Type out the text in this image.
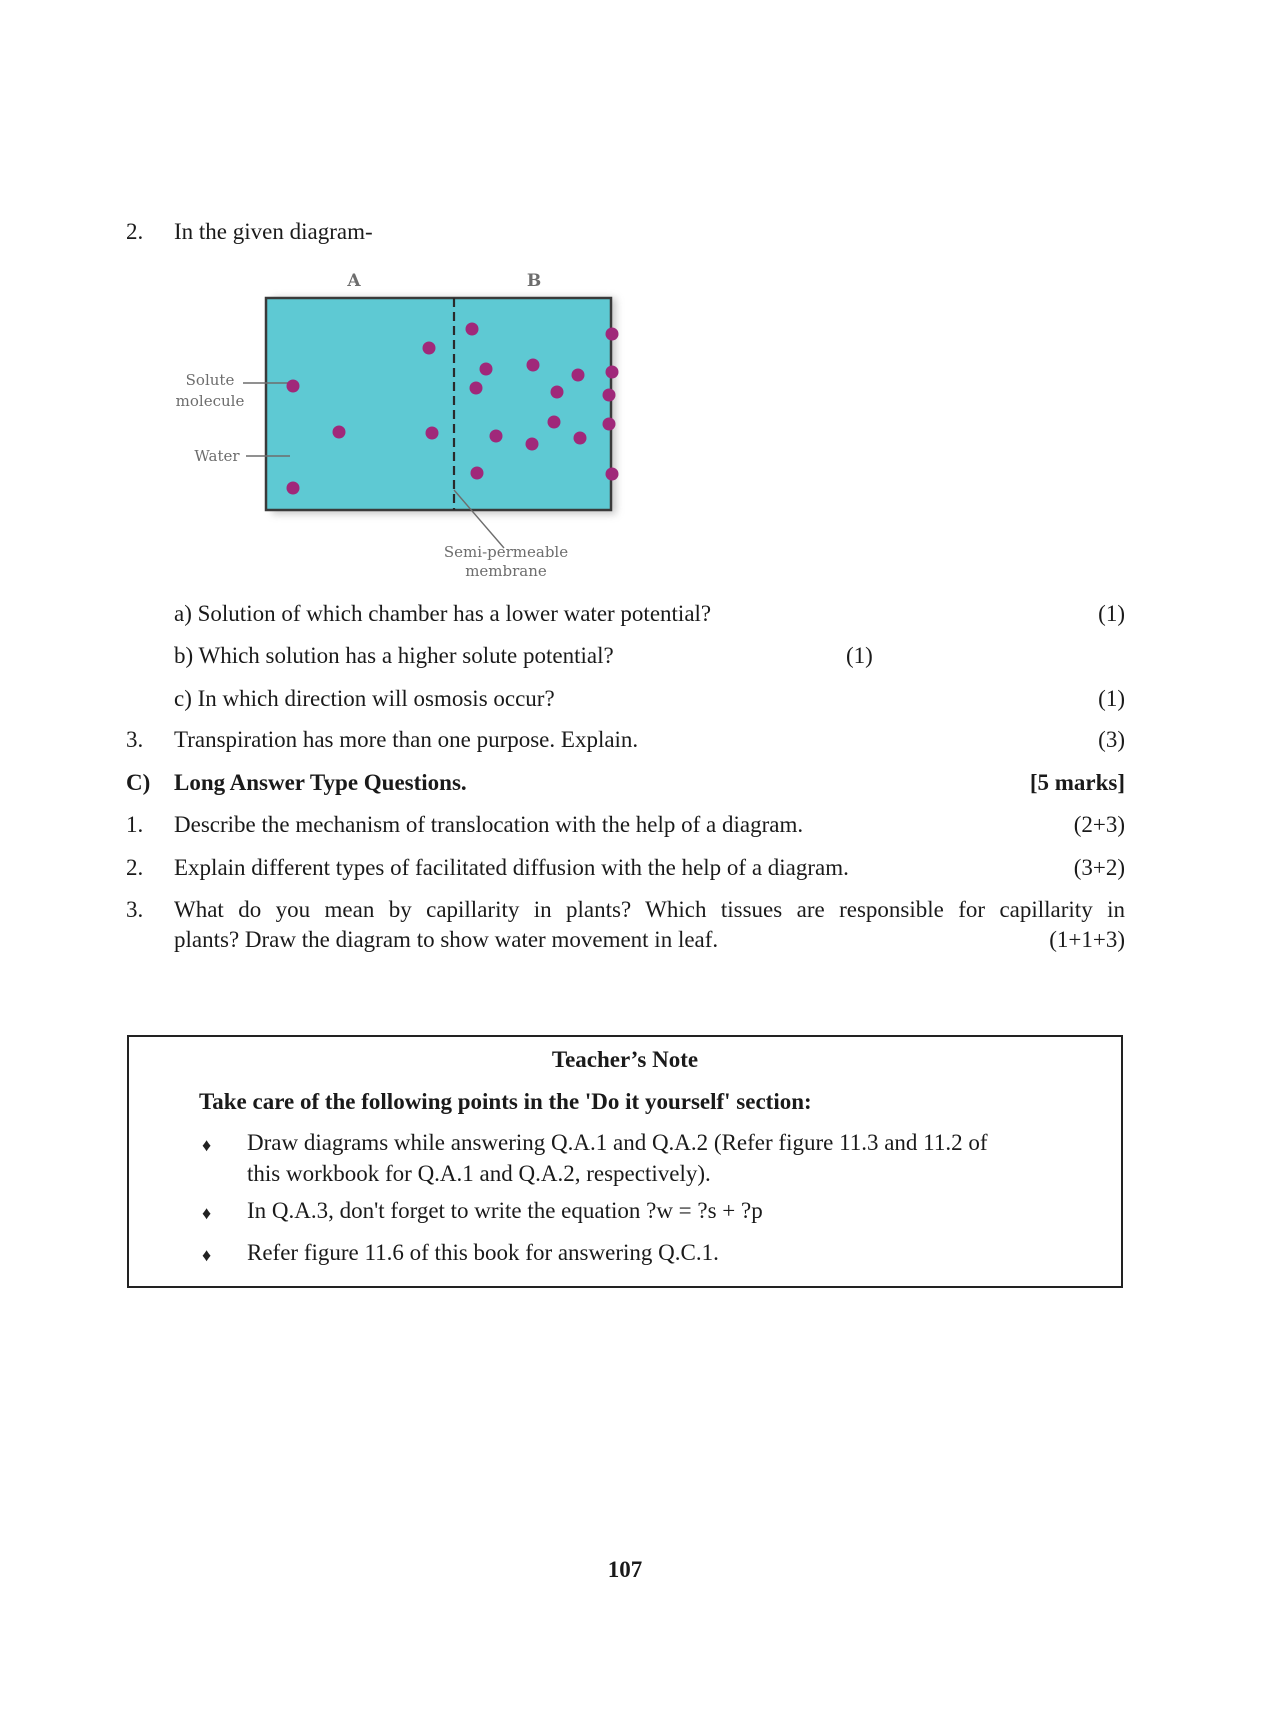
2. In the given diagram-
A	B
Solute
molecule
Water
Semi-permeable
membrane
a) Solution of which chamber has a lower water potential?	(1)
b) Which solution has a higher solute potential?	(1)
c) In which direction will osmosis occur?	(1)
3. Transpiration has more than one purpose. Explain.	(3)
C) Long Answer Type Questions.	[5 marks]
1. Describe the mechanism of translocation with the help of a diagram.	(2+3)
2. Explain different types of facilitated diffusion with the help of a diagram.	(3+2)
3. What do you mean by capillarity in plants? Which tissues are responsible for capillarity in
plants? Draw the diagram to show water movement in leaf.	(1+1+3)
Teacher’s Note
Take care of the following points in the 'Do it yourself' section:
♦ Draw diagrams while answering Q.A.1 and Q.A.2 (Refer figure 11.3 and 11.2 of
this workbook for Q.A.1 and Q.A.2, respectively).
♦ In Q.A.3, don't forget to write the equation ?w = ?s + ?p
♦ Refer figure 11.6 of this book for answering Q.C.1.
107
